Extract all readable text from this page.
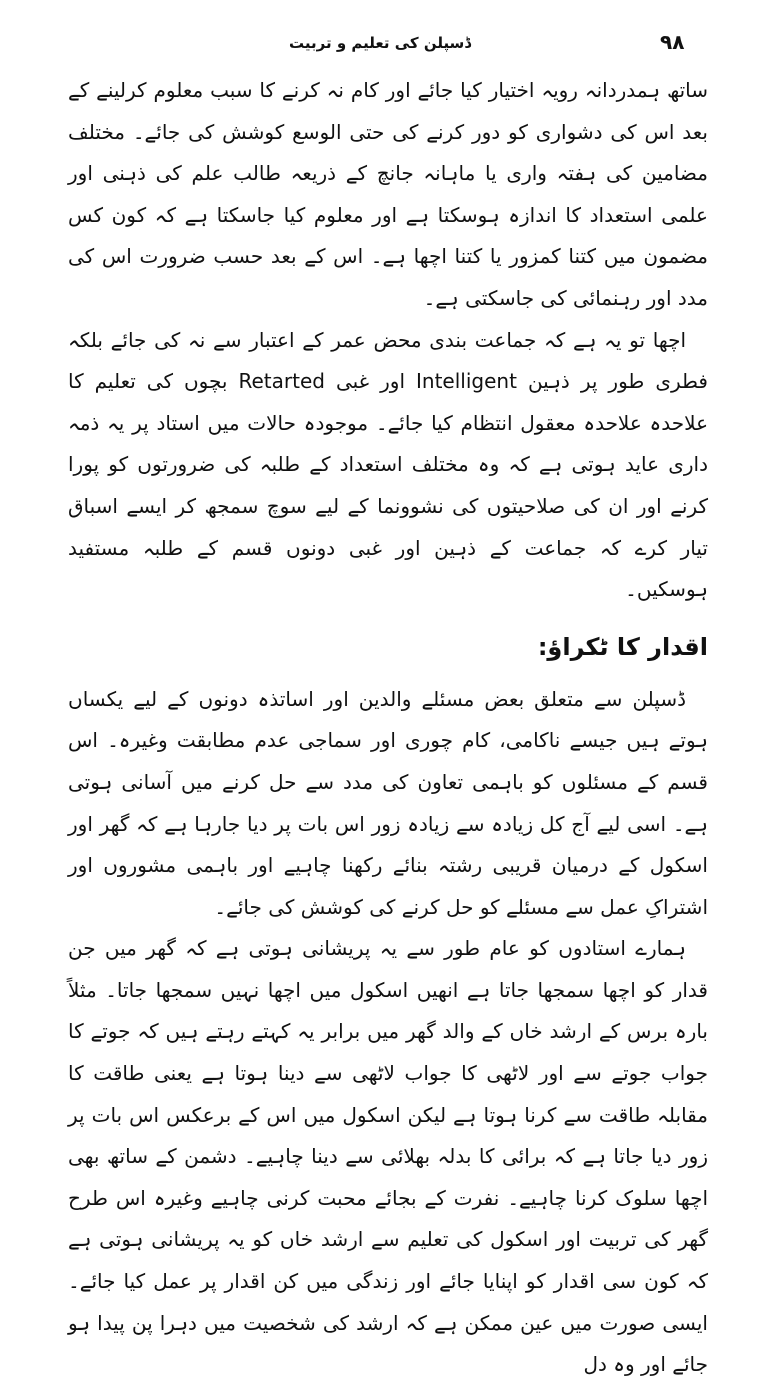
۹۸
ڈسپلن کی تعلیم و تربیت

ساتھ ہمدردانہ رویہ اختیار کیا جائے اور کام نہ کرنے کا سبب معلوم کرلینے کے بعد اس کی دشواری کو دور کرنے کی حتی الوسع کوشش کی جائے۔ مختلف مضامین کی ہفتہ واری یا ماہانہ جانچ کے ذریعہ طالب علم کی ذہنی اور علمی استعداد کا اندازہ ہوسکتا ہے اور معلوم کیا جاسکتا ہے کہ کون کس مضمون میں کتنا کمزور یا کتنا اچھا ہے۔ اس کے بعد حسب ضرورت اس کی مدد اور رہنمائی کی جاسکتی ہے۔

اچھا تو یہ ہے کہ جماعت بندی محض عمر کے اعتبار سے نہ کی جائے بلکہ فطری طور پر ذہین Intelligent اور غبی Retarted بچوں کی تعلیم کا علاحدہ علاحدہ معقول انتظام کیا جائے۔ موجودہ حالات میں استاد پر یہ ذمہ داری عاید ہوتی ہے کہ وہ مختلف استعداد کے طلبہ کی ضرورتوں کو پورا کرنے اور ان کی صلاحیتوں کی نشوونما کے لیے سوچ سمجھ کر ایسے اسباق تیار کرے کہ جماعت کے ذہین اور غبی دونوں قسم کے طلبہ مستفید ہوسکیں۔

اقدار کا ٹکراؤ:

ڈسپلن سے متعلق بعض مسئلے والدین اور اساتذہ دونوں کے لیے یکساں ہوتے ہیں جیسے ناکامی، کام چوری اور سماجی عدم مطابقت وغیرہ۔ اس قسم کے مسئلوں کو باہمی تعاون کی مدد سے حل کرنے میں آسانی ہوتی ہے۔ اسی لیے آج کل زیادہ سے زیادہ زور اس بات پر دیا جارہا ہے کہ گھر اور اسکول کے درمیان قریبی رشتہ بنائے رکھنا چاہیے اور باہمی مشوروں اور اشتراکِ عمل سے مسئلے کو حل کرنے کی کوشش کی جائے۔

ہمارے استادوں کو عام طور سے یہ پریشانی ہوتی ہے کہ گھر میں جن قدار کو اچھا سمجھا جاتا ہے انھیں اسکول میں اچھا نہیں سمجھا جاتا۔ مثلاً بارہ برس کے ارشد خاں کے والد گھر میں برابر یہ کہتے رہتے ہیں کہ جوتے کا جواب جوتے سے اور لاٹھی کا جواب لاٹھی سے دینا ہوتا ہے یعنی طاقت کا مقابلہ طاقت سے کرنا ہوتا ہے لیکن اسکول میں اس کے برعکس اس بات پر زور دیا جاتا ہے کہ برائی کا بدلہ بھلائی سے دینا چاہیے۔ دشمن کے ساتھ بھی اچھا سلوک کرنا چاہیے۔ نفرت کے بجائے محبت کرنی چاہیے وغیرہ اس طرح گھر کی تربیت اور اسکول کی تعلیم سے ارشد خاں کو یہ پریشانی ہوتی ہے کہ کون سی اقدار کو اپنایا جائے اور زندگی میں کن اقدار پر عمل کیا جائے۔ ایسی صورت میں عین ممکن ہے کہ ارشد کی شخصیت میں دہرا پن پیدا ہو جائے اور وہ دل
